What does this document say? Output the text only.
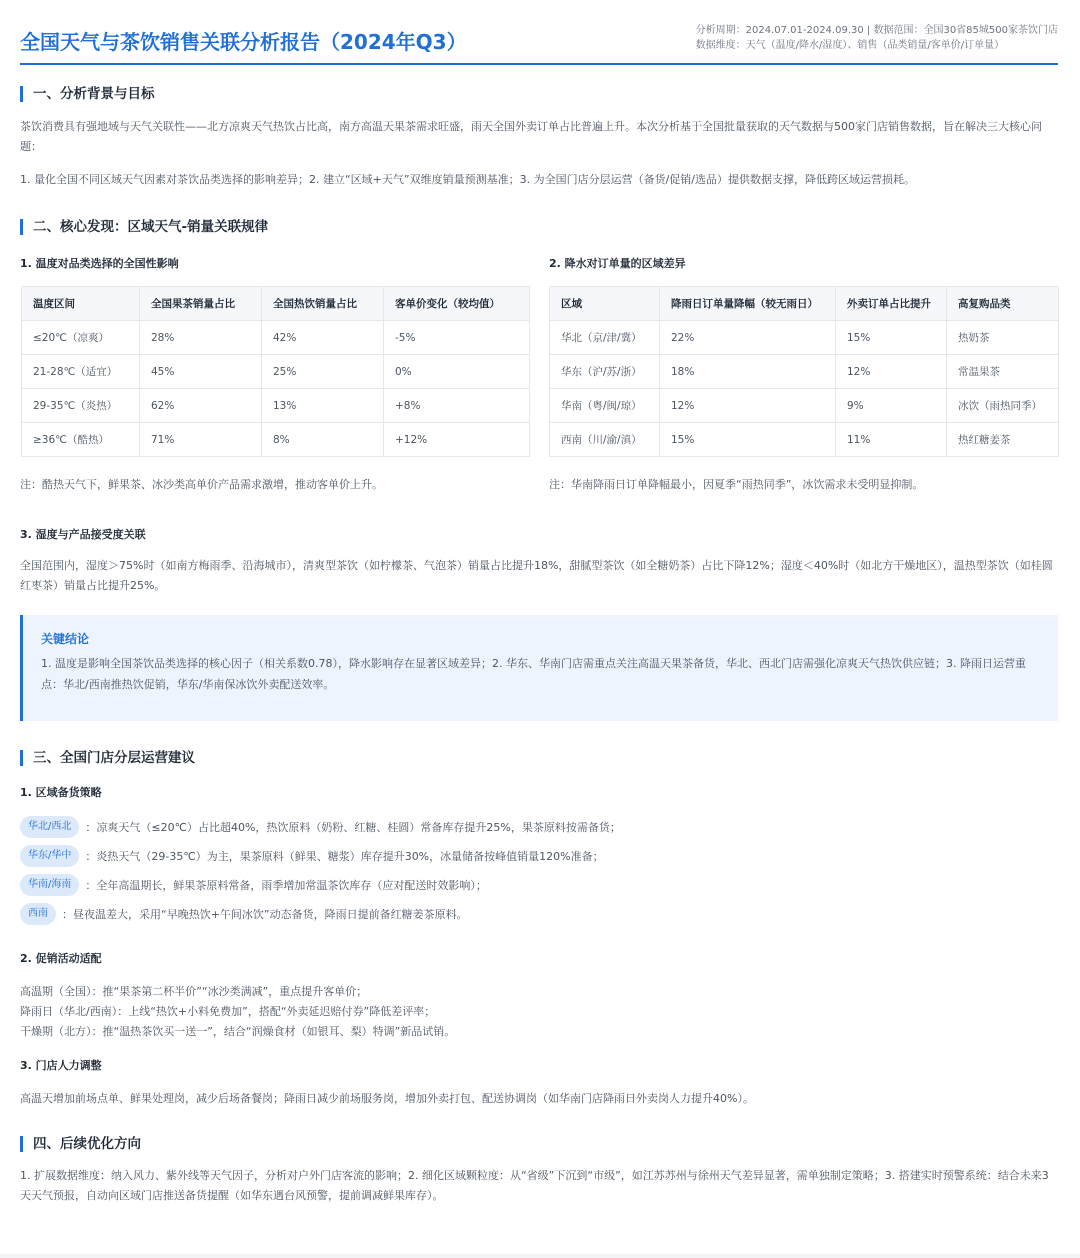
全国天气与茶饮销售关联分析报告（2024年Q3）	分析周期：2024.07.01-2024.09.30 | 数据范围：全国30省85城500家茶饮门店
数据维度：天气（温度/降水/湿度）、销售（品类销量/客单价/订单量）
一、分析背景与目标
茶饮消费具有强地域与天气关联性——北方凉爽天气热饮占比高，南方高温天果茶需求旺盛，雨天全国外卖订单占比普遍上升。本次分析基于全国批量获取的天气数据与500家门店销售数据，旨在解决三大核心问题：
1. 量化全国不同区域天气因素对茶饮品类选择的影响差异；2. 建立“区域+天气”双维度销量预测基准；3. 为全国门店分层运营（备货/促销/选品）提供数据支撑，降低跨区域运营损耗。
二、核心发现：区域天气-销量关联规律
1. 温度对品类选择的全国性影响
温度区间	全国果茶销量占比	全国热饮销量占比	客单价变化（较均值）
≤20℃（凉爽）	28%	42%	-5%
21-28℃（适宜）	45%	25%	0%
29-35℃（炎热）	62%	13%	+8%
≥36℃（酷热）	71%	8%	+12%
注：酷热天气下，鲜果茶、冰沙类高单价产品需求激增，推动客单价上升。
2. 降水对订单量的区域差异
区域	降雨日订单量降幅（较无雨日）	外卖订单占比提升	高复购品类
华北（京/津/冀）	22%	15%	热奶茶
华东（沪/苏/浙）	18%	12%	常温果茶
华南（粤/闽/琼）	12%	9%	冰饮（雨热同季）
西南（川/渝/滇）	15%	11%	热红糖姜茶
注：华南降雨日订单降幅最小，因夏季“雨热同季”，冰饮需求未受明显抑制。
3. 湿度与产品接受度关联
全国范围内，湿度＞75%时（如南方梅雨季、沿海城市），清爽型茶饮（如柠檬茶、气泡茶）销量占比提升18%，甜腻型茶饮（如全糖奶茶）占比下降12%；湿度＜40%时（如北方干燥地区），温热型茶饮（如桂圆红枣茶）销量占比提升25%。
关键结论
1. 温度是影响全国茶饮品类选择的核心因子（相关系数0.78），降水影响存在显著区域差异；2. 华东、华南门店需重点关注高温天果茶备货，华北、西北门店需强化凉爽天气热饮供应链；3. 降雨日运营重点：华北/西南推热饮促销，华东/华南保冰饮外卖配送效率。
三、全国门店分层运营建议
1. 区域备货策略
华北/西北	：凉爽天气（≤20℃）占比超40%，热饮原料（奶粉、红糖、桂圆）常备库存提升25%，果茶原料按需备货；
华东/华中	：炎热天气（29-35℃）为主，果茶原料（鲜果、糖浆）库存提升30%，冰量储备按峰值销量120%准备；
华南/海南	：全年高温期长，鲜果茶原料常备，雨季增加常温茶饮库存（应对配送时效影响）；
西南	：昼夜温差大，采用“早晚热饮+午间冰饮”动态备货，降雨日提前备红糖姜茶原料。
2. 促销活动适配
高温期（全国）：推“果茶第二杯半价”“冰沙类满减”，重点提升客单价；
降雨日（华北/西南）：上线“热饮+小料免费加”，搭配“外卖延迟赔付券”降低差评率；
干燥期（北方）：推“温热茶饮买一送一”，结合“润燥食材（如银耳、梨）特调”新品试销。
3. 门店人力调整
高温天增加前场点单、鲜果处理岗，减少后场备餐岗；降雨日减少前场服务岗，增加外卖打包、配送协调岗（如华南门店降雨日外卖岗人力提升40%）。
四、后续优化方向
1. 扩展数据维度：纳入风力、紫外线等天气因子，分析对户外门店客流的影响；2. 细化区域颗粒度：从“省级”下沉到“市级”，如江苏苏州与徐州天气差异显著，需单独制定策略；3. 搭建实时预警系统：结合未来3天天气预报，自动向区域门店推送备货提醒（如华东遇台风预警，提前调减鲜果库存）。
